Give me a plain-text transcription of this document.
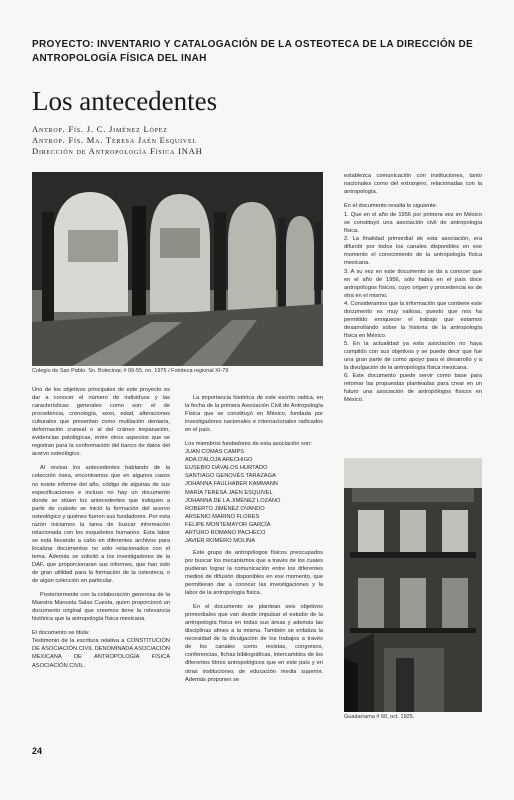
PROYECTO: INVENTARIO Y CATALOGACIÓN DE LA OSTEOTECA DE LA DIRECCIÓN DE ANTROPOLOGÍA FÍSICA DEL INAH
Los antecedentes
Antrop. Fís. J. C. Jiménez López
Antrop. Fís. Ma. Teresa Jaén Esquivel
Dirección de Antropología Física INAH
Colegio de San Pablo. Sn. Bolecinac # 06-55, no. 1975 / Fototeca regional XI-79

Uno de los objetivos principales de este proyecto es dar a conocer el número de individuos y las características generales como son: el de procedencia, cronología, sexo, edad, alteraciones culturales que presentan como mutilación dentaria, deformación craneal o al del cráneo trepanación, evidencias patológicas, entre otros aspectos que se registran para la conformación del banco de datos del acervo osteológico.

Al revisar los antecedentes hablando de la colección ósea, encontramos que en algunos casos no existe informe del año, código de algunas de sus especificaciones e incluso no hay un documento donde se sitúen los antecedentes que indiquen a partir de cuándo se inició la formación del acervo osteológico y quiénes fueron sus fundadores. Por esta razón iniciamos la tarea de buscar información relacionada con los esqueletos humanos. Esta labor se está llevando a cabo en diferentes archivos para localizar documentos no sólo relacionados con el tema. Además se solicitó a los investigadores de la DAF, que proporcionaran sus informes, que han sido de gran utilidad para la formación de la osteoteca, o de algún colección en particular.

Posteriormente con la colaboración generosa de la Maestra Manuela Salas Cuesta, quien proporcionó un documento original que creemos tiene la relevancia histórica que la antropología física mexicana.

El documento se titula:

Testimonio de la escritura relativa a CONSTITUCIÓN DE ASOCIACIÓN CIVIL DENOMINADA ASOCIACIÓN MEXICANA DE ANTROPOLOGÍA FÍSICA ASOCIACIÓN CIVIL.

La importancia histórica de este escrito radica, en la fecha de la primera Asociación Civil de Antropología Física que se constituyó en México, fundada por investigadores nacionales e internacionales radicados en el país.

Los miembros fundadores de esta asociación son:

JUAN COMAS CAMPS
ADA D'ALOJA ARECHIGO
EUSEBIO DÁVALOS HURTADO
SANTIAGO GENOVÉS TARAZAGA
JOHANNA FAULHABER KAMMANN
MARÍA TERESA JAÉN ESQUIVEL
JOHANNA DE LA JIMÉNEZ LOZANO
ROBERTO JIMÉNEZ OVANDO
ARSENIO MARINO FLORES
FELIPE MONTEMAYOR GARCÍA
ARTURO ROMANO PACHECO
JAVIER ROMERO MOLINA

Este grupo de antropólogos físicos preocupados por buscar los mecanismos que a través de los cuales pudieran lograr la comunicación entre los diferentes medios de difusión disponibles en ese momento, que permitieran dar a conocer las investigaciones y la labor de la antropología física.

En el documento se plantean seis objetivos primordiales que van desde impulsar el estudio de la antropología física en todas sus áreas y además las disciplinas afines a la misma. También se enfatiza la necesidad de la divulgación de los trabajos a través de los canales como revistas, congresos, conferencias, fichas bibliográficas, intercambios de los diferentes libros antropológicos que en este país y en otras instituciones de educación media superior. Además proponen se

establezca comunicación con instituciones, tanto nacionales como del extranjero, relacionadas con la antropología.

En el documento resalta lo siguiente:

1. Que en el año de 1956 por primera vez en México se constituyó una asociación civil de antropología física.
2. La finalidad primordial de esta asociación, era difundir por todos los canales disponibles en ese momento el conocimiento de la antropología física mexicana.
3. A su vez en este documento se da a conocer que en el año de 1956, sólo había en el país doce antropólogos físicos, cuyo origen y procedencia es de otra en el mismo.
4. Consideramos que la información que contiene este documento es muy valiosa, puesto que nos ha permitido enriquecer el trabajo que estamos desarrollando sobre la historia de la antropología física en México.
5. En la actualidad ya esta asociación no haya cumplido con sus objetivos y se puede decir que fue una gran parte de como apoyo para el desarrollo y a la divulgación de la antropología física mexicana.
6. Este documento puede servir como base para retomar las propuestas planteadas para crear en un futuro una asociación de antropólogos físicos en México.
Guadarrama # 60, oct. 1925.
24
